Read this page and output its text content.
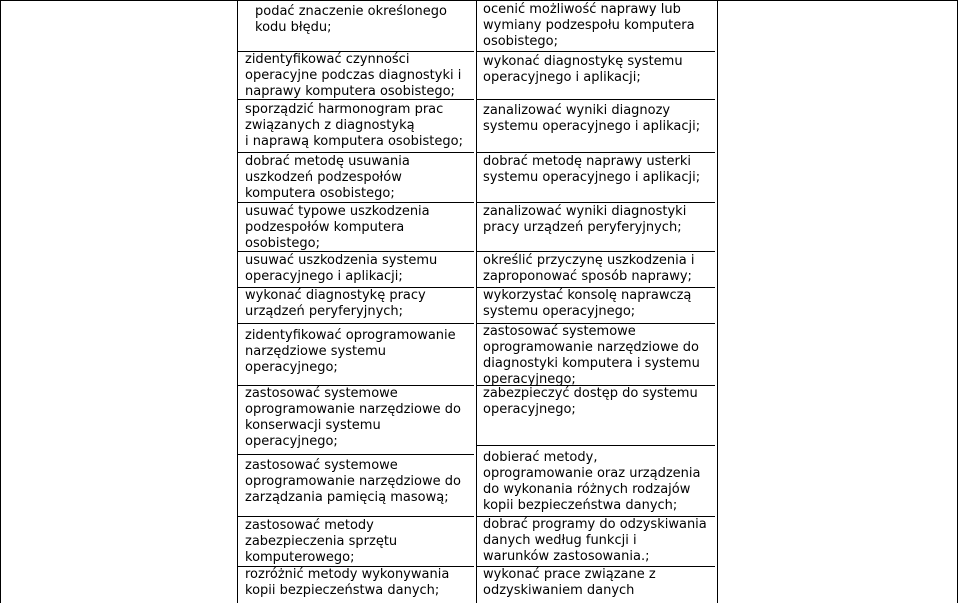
podać znaczenie określonego
kodu błędu;
zidentyfikować czynności
operacyjne podczas diagnostyki i
naprawy komputera osobistego;
sporządzić harmonogram prac
związanych z diagnostyką
i naprawą komputera osobistego;
dobrać metodę usuwania
uszkodzeń podzespołów
komputera osobistego;
usuwać typowe uszkodzenia
podzespołów komputera
osobistego;
usuwać uszkodzenia systemu
operacyjnego i aplikacji;
wykonać diagnostykę pracy
urządzeń peryferyjnych;
zidentyfikować oprogramowanie
narzędziowe systemu
operacyjnego;
zastosować systemowe
oprogramowanie narzędziowe do
konserwacji systemu
operacyjnego;
zastosować systemowe
oprogramowanie narzędziowe do
zarządzania pamięcią masową;
zastosować metody
zabezpieczenia sprzętu
komputerowego;
rozróżnić metody wykonywania
kopii bezpieczeństwa danych;
ocenić możliwość naprawy lub
wymiany podzespołu komputera
osobistego;
wykonać diagnostykę systemu
operacyjnego i aplikacji;
zanalizować wyniki diagnozy
systemu operacyjnego i aplikacji;
dobrać metodę naprawy usterki
systemu operacyjnego i aplikacji;
zanalizować wyniki diagnostyki
pracy urządzeń peryferyjnych;
określić przyczynę uszkodzenia i
zaproponować sposób naprawy;
wykorzystać konsolę naprawczą
systemu operacyjnego;
zastosować systemowe
oprogramowanie narzędziowe do
diagnostyki komputera i systemu
operacyjnego;
zabezpieczyć dostęp do systemu
operacyjnego;
dobierać metody,
oprogramowanie oraz urządzenia
do wykonania różnych rodzajów
kopii bezpieczeństwa danych;
dobrać programy do odzyskiwania
danych według funkcji i
warunków zastosowania.;
wykonać prace związane z
odzyskiwaniem danych
